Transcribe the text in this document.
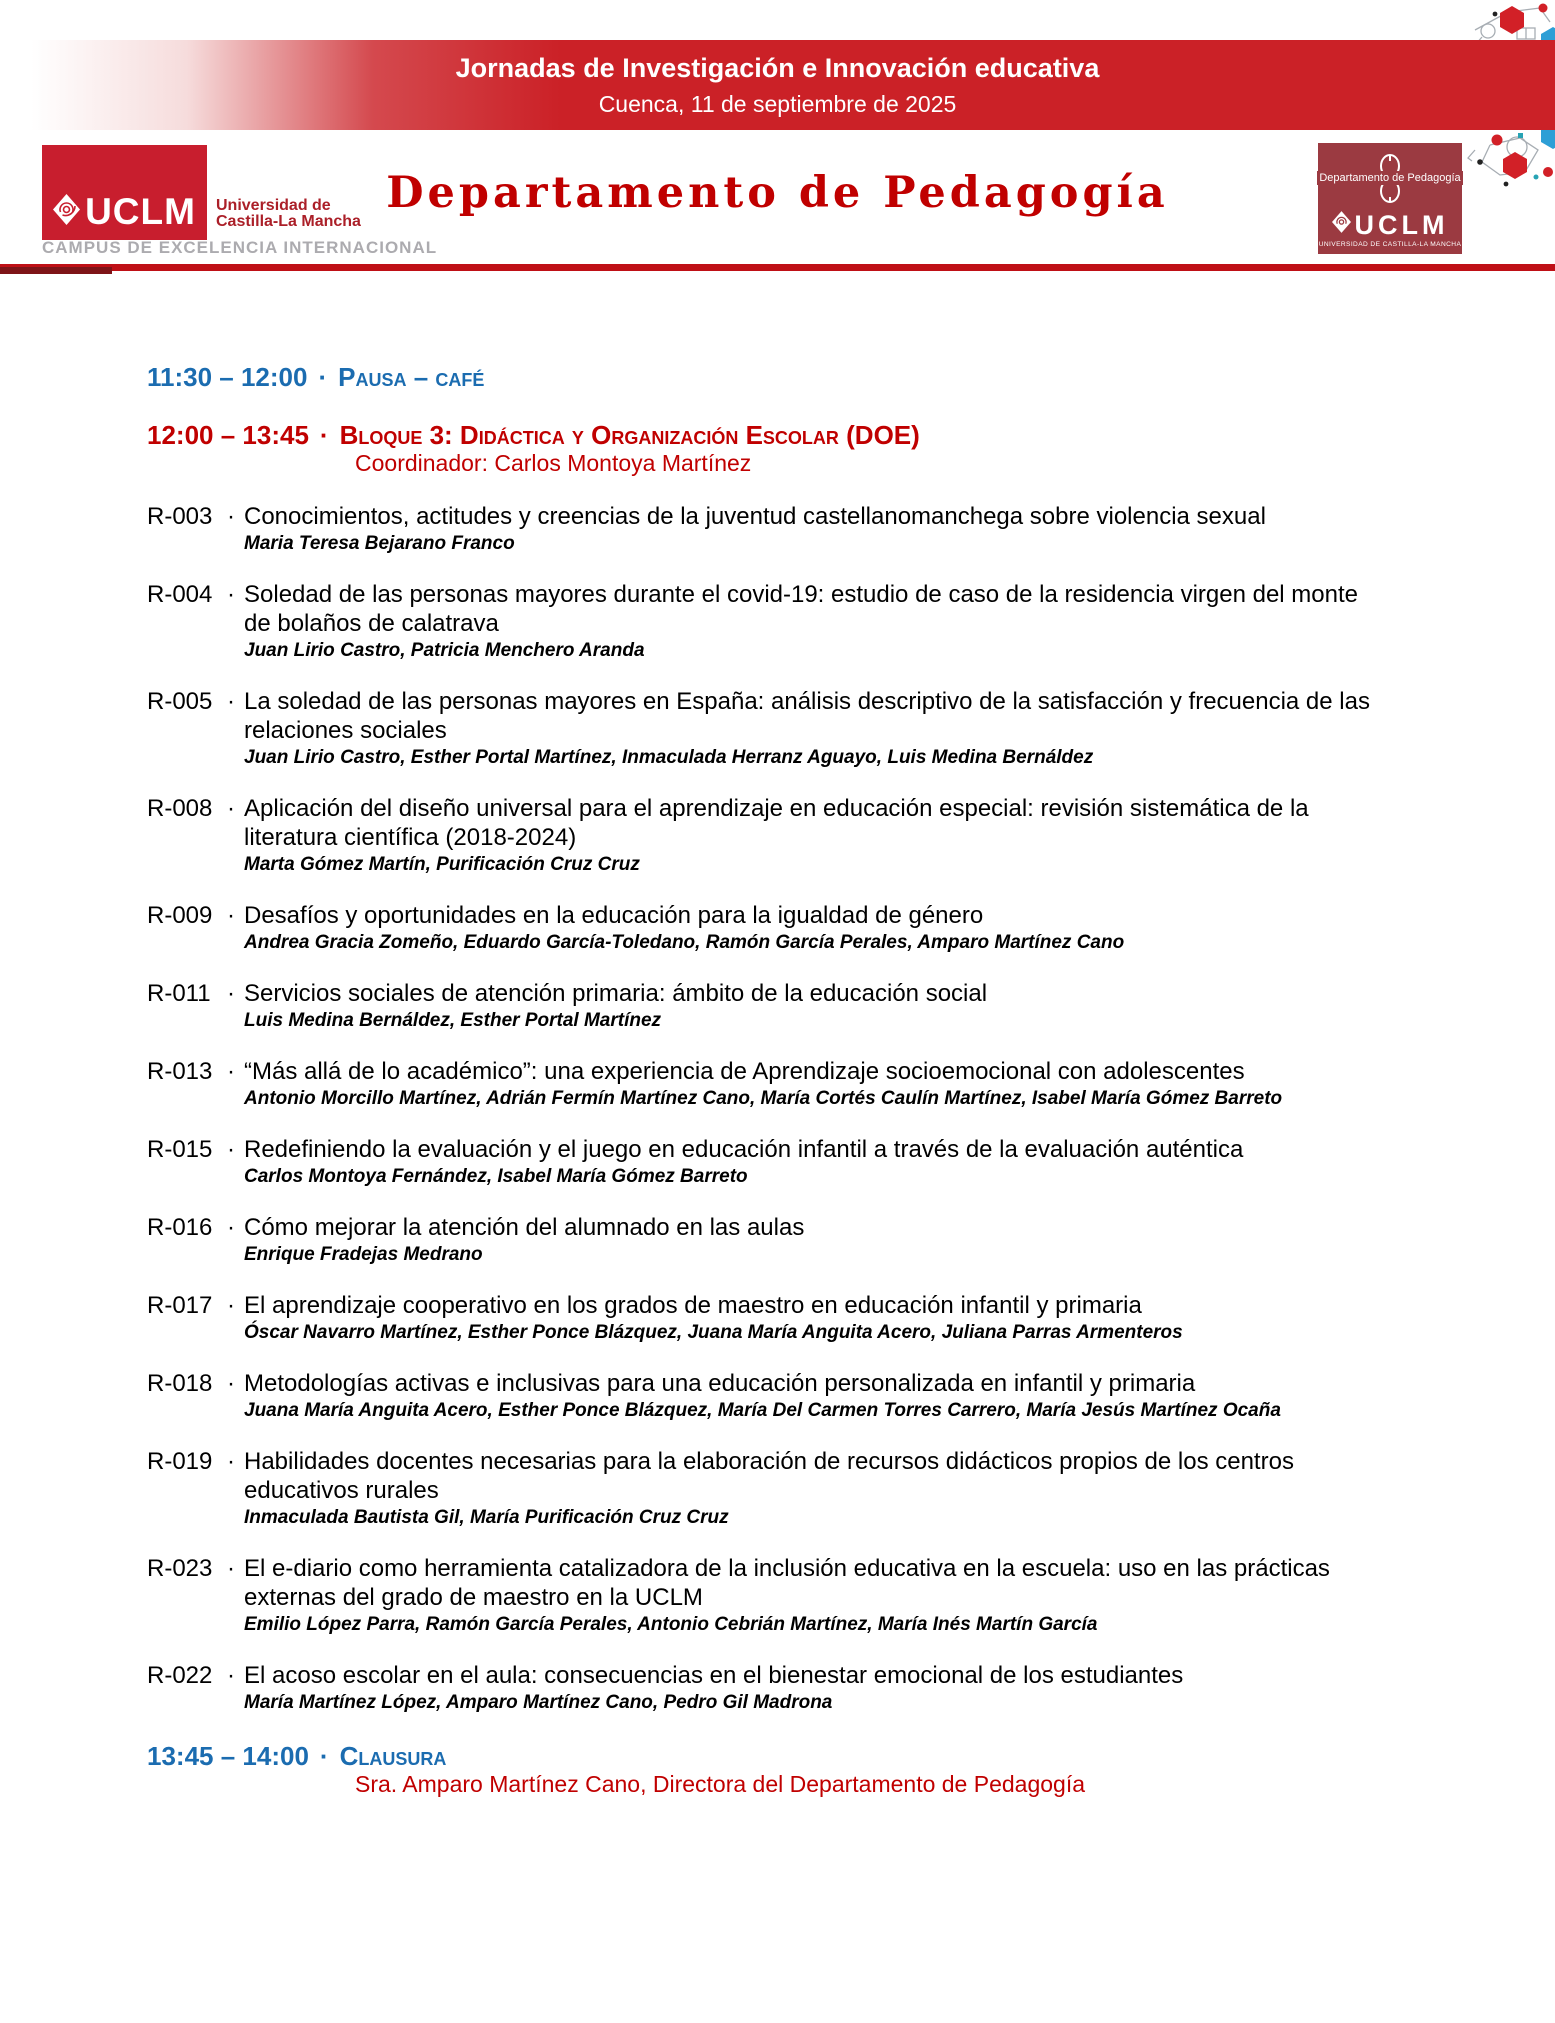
Jornadas de Investigación e Innovación educativa
Cuenca, 11 de septiembre de 2025
UCLM Universidad de
Castilla-La Mancha
CAMPUS DE EXCELENCIA INTERNACIONAL
Departamento de Pedagogía	Departamento de Pedagogía
UCLM
UNIVERSIDAD DE CASTILLA-LA MANCHA
11:30 – 12:00 · Pausa – café
12:00 – 13:45 · Bloque 3: Didáctica y Organización Escolar (DOE)
Coordinador: Carlos Montoya Martínez
R-003 · Conocimientos, actitudes y creencias de la juventud castellanomanchega sobre violencia sexual
Maria Teresa Bejarano Franco
R-004 · Soledad de las personas mayores durante el covid-19: estudio de caso de la residencia virgen del monte de bolaños de calatrava
Juan Lirio Castro, Patricia Menchero Aranda
R-005 · La soledad de las personas mayores en España: análisis descriptivo de la satisfacción y frecuencia de las relaciones sociales
Juan Lirio Castro, Esther Portal Martínez, Inmaculada Herranz Aguayo, Luis Medina Bernáldez
R-008 · Aplicación del diseño universal para el aprendizaje en educación especial: revisión sistemática de la literatura científica (2018-2024)
Marta Gómez Martín, Purificación Cruz Cruz
R-009 · Desafíos y oportunidades en la educación para la igualdad de género
Andrea Gracia Zomeño, Eduardo García-Toledano, Ramón García Perales, Amparo Martínez Cano
R-011 · Servicios sociales de atención primaria: ámbito de la educación social
Luis Medina Bernáldez, Esther Portal Martínez
R-013 · “Más allá de lo académico”: una experiencia de Aprendizaje socioemocional con adolescentes
Antonio Morcillo Martínez, Adrián Fermín Martínez Cano, María Cortés Caulín Martínez, Isabel María Gómez Barreto
R-015 · Redefiniendo la evaluación y el juego en educación infantil a través de la evaluación auténtica
Carlos Montoya Fernández, Isabel María Gómez Barreto
R-016 · Cómo mejorar la atención del alumnado en las aulas
Enrique Fradejas Medrano
R-017 · El aprendizaje cooperativo en los grados de maestro en educación infantil y primaria
Óscar Navarro Martínez, Esther Ponce Blázquez, Juana María Anguita Acero, Juliana Parras Armenteros
R-018 · Metodologías activas e inclusivas para una educación personalizada en infantil y primaria
Juana María Anguita Acero, Esther Ponce Blázquez, María Del Carmen Torres Carrero, María Jesús Martínez Ocaña
R-019 · Habilidades docentes necesarias para la elaboración de recursos didácticos propios de los centros educativos rurales
Inmaculada Bautista Gil, María Purificación Cruz Cruz
R-023 · El e-diario como herramienta catalizadora de la inclusión educativa en la escuela: uso en las prácticas externas del grado de maestro en la UCLM
Emilio López Parra, Ramón García Perales, Antonio Cebrián Martínez, María Inés Martín García
R-022 · El acoso escolar en el aula: consecuencias en el bienestar emocional de los estudiantes
María Martínez López, Amparo Martínez Cano, Pedro Gil Madrona
13:45 – 14:00 · Clausura
Sra. Amparo Martínez Cano, Directora del Departamento de Pedagogía
